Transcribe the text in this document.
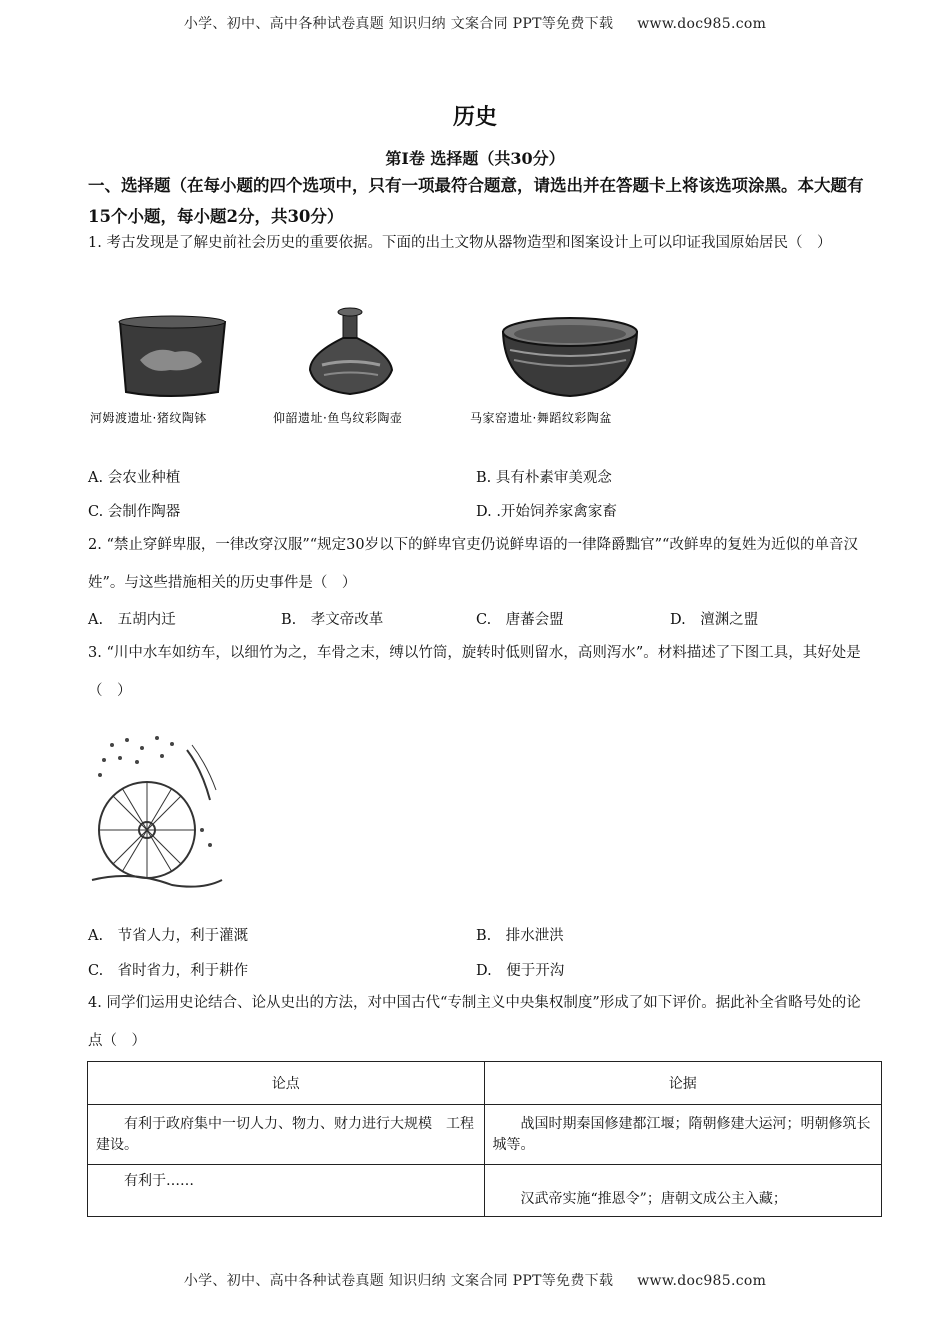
小学、初中、高中各种试卷真题 知识归纳 文案合同 PPT等免费下载 www.doc985.com
历史
第Ⅰ卷 选择题（共30分）
一、选择题（在每小题的四个选项中，只有一项最符合题意，请选出并在答题卡上将该选项涂黑。本大题有15个小题，每小题2分，共30分）
1. 考古发现是了解史前社会历史的重要依据。下面的出土文物从器物造型和图案设计上可以印证我国原始居民（　）
河姆渡遗址·猪纹陶钵	仰韶遗址·鱼鸟纹彩陶壶	马家窑遗址·舞蹈纹彩陶盆
A. 会农业种植	B. 具有朴素审美观念
C. 会制作陶器	D. .开始饲养家禽家畜
2. “禁止穿鲜卑服，一律改穿汉服”“规定30岁以下的鲜卑官吏仍说鲜卑语的一律降爵黜官”“改鲜卑的复姓为近似的单音汉姓”。与这些措施相关的历史事件是（　）
A.　五胡内迁	B.　孝文帝改革	C.　唐蕃会盟	D.　澶渊之盟
3. “川中水车如纺车，以细竹为之，车骨之末，缚以竹筒，旋转时低则留水，高则泻水”。材料描述了下图工具，其好处是（　）
A.　节省人力，利于灌溉	B.　排水泄洪
C.　省时省力，利于耕作	D.　便于开沟
4. 同学们运用史论结合、论从史出的方法，对中国古代“专制主义中央集权制度”形成了如下评价。据此补全省略号处的论点（　）
论点	论据
有利于政府集中一切人力、物力、财力进行大规模　工程建设。	战国时期秦国修建都江堰；隋朝修建大运河；明朝修筑长城等。
有利于……	汉武帝实施“推恩令”；唐朝文成公主入藏；
小学、初中、高中各种试卷真题 知识归纳 文案合同 PPT等免费下载 www.doc985.com
